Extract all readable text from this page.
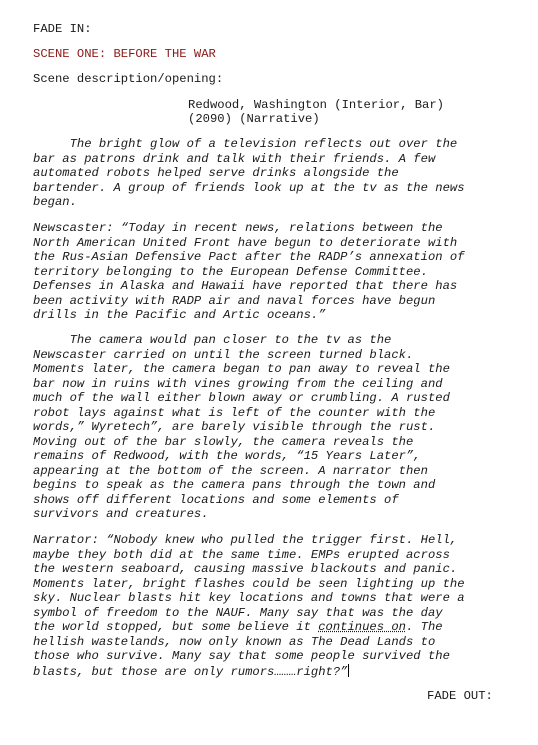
FADE IN:
SCENE ONE: BEFORE THE WAR
Scene description/opening:
Redwood, Washington (Interior, Bar)
(2090) (Narrative)
The bright glow of a television reflects out over the
bar as patrons drink and talk with their friends. A few
automated robots helped serve drinks alongside the
bartender. A group of friends look up at the tv as the news
began.
Newscaster: “Today in recent news, relations between the
North American United Front have begun to deteriorate with
the Rus-Asian Defensive Pact after the RADP’s annexation of
territory belonging to the European Defense Committee.
Defenses in Alaska and Hawaii have reported that there has
been activity with RADP air and naval forces have begun
drills in the Pacific and Artic oceans.”
The camera would pan closer to the tv as the
Newscaster carried on until the screen turned black.
Moments later, the camera began to pan away to reveal the
bar now in ruins with vines growing from the ceiling and
much of the wall either blown away or crumbling. A rusted
robot lays against what is left of the counter with the
words,” Wyretech”, are barely visible through the rust.
Moving out of the bar slowly, the camera reveals the
remains of Redwood, with the words, “15 Years Later”,
appearing at the bottom of the screen. A narrator then
begins to speak as the camera pans through the town and
shows off different locations and some elements of
survivors and creatures.
Narrator: “Nobody knew who pulled the trigger first. Hell,
maybe they both did at the same time. EMPs erupted across
the western seaboard, causing massive blackouts and panic.
Moments later, bright flashes could be seen lighting up the
sky. Nuclear blasts hit key locations and towns that were a
symbol of freedom to the NAUF. Many say that was the day
the world stopped, but some believe it continues on. The
hellish wastelands, now only known as The Dead Lands to
those who survive. Many say that some people survived the
blasts, but those are only rumors………right?”
FADE OUT:
